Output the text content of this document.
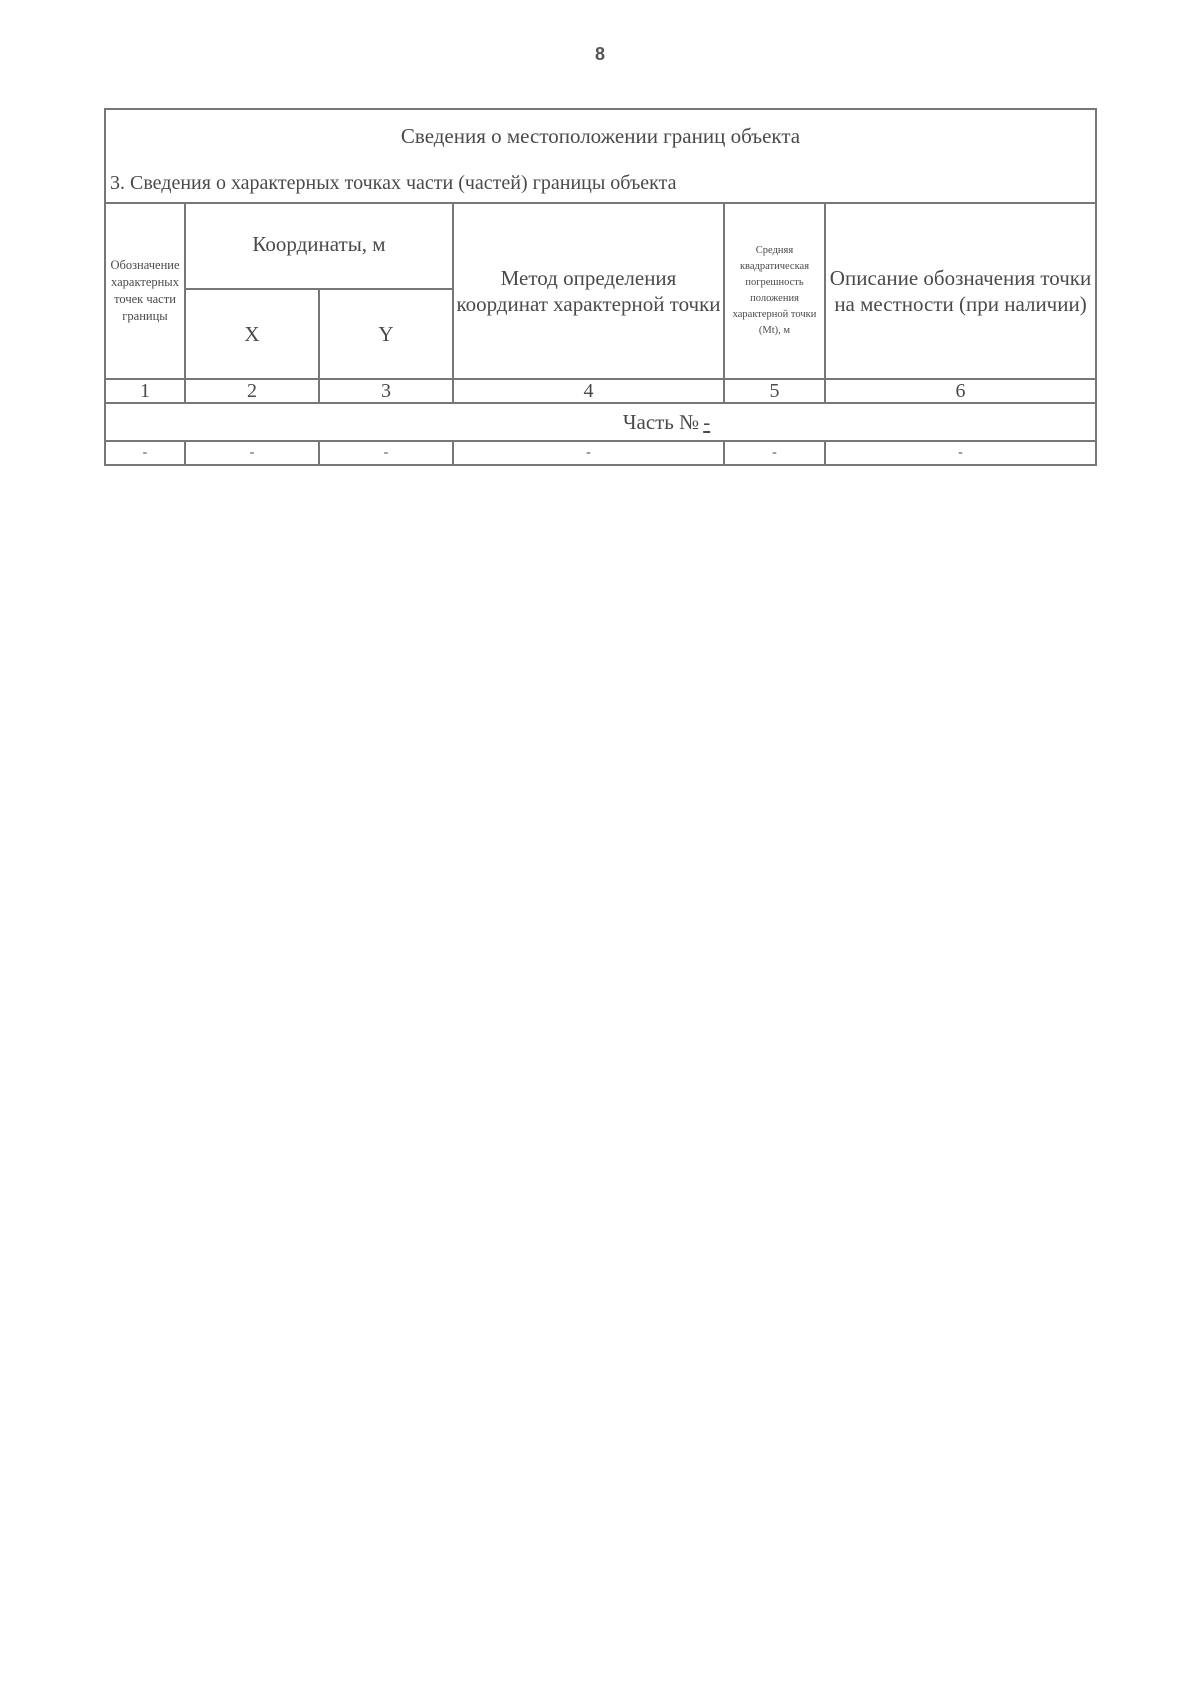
8
Сведения о местоположении границ объекта
3. Сведения о характерных точках части (частей) границы объекта					

Обозначение характерных точек части границы	Координаты, м		Метод определения координат характерной точки	Средняя квадратическая погрешность положения характерной точки (Mt), м	Описание обозначения точки на местности (при наличии)
	X	Y			
1	2	3	4	5	6
Часть № -					
-	-	-	-	-	-
